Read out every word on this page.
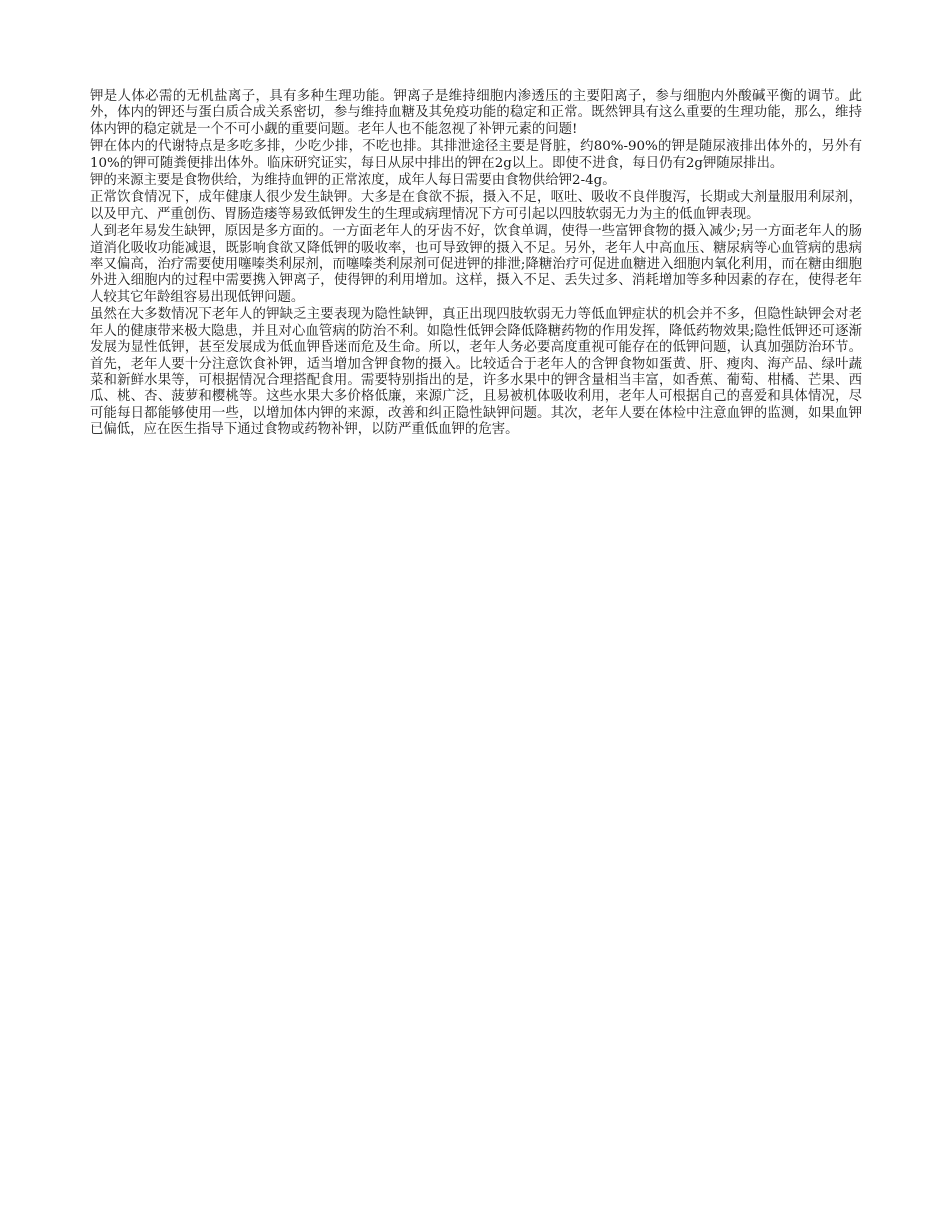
钾是人体必需的无机盐离子，具有多种生理功能。钾离子是维持细胞内渗透压的主要阳离子，参与细胞内外酸碱平衡的调节。此外，体内的钾还与蛋白质合成关系密切，参与维持血糖及其免疫功能的稳定和正常。既然钾具有这么重要的生理功能，那么，维持体内钾的稳定就是一个不可小觑的重要问题。老年人也不能忽视了补钾元素的问题!

钾在体内的代谢特点是多吃多排，少吃少排，不吃也排。其排泄途径主要是肾脏，约80%-90%的钾是随尿液排出体外的，另外有10%的钾可随粪便排出体外。临床研究证实，每日从尿中排出的钾在2g以上。即使不进食，每日仍有2g钾随尿排出。

钾的来源主要是食物供给，为维持血钾的正常浓度，成年人每日需要由食物供给钾2-4g。

正常饮食情况下，成年健康人很少发生缺钾。大多是在食欲不振，摄入不足，呕吐、吸收不良伴腹泻，长期或大剂量服用利尿剂，以及甲亢、严重创伤、胃肠造瘘等易致低钾发生的生理或病理情况下方可引起以四肢软弱无力为主的低血钾表现。

人到老年易发生缺钾，原因是多方面的。一方面老年人的牙齿不好，饮食单调，使得一些富钾食物的摄入减少;另一方面老年人的肠道消化吸收功能减退，既影响食欲又降低钾的吸收率，也可导致钾的摄入不足。另外，老年人中高血压、糖尿病等心血管病的患病率又偏高，治疗需要使用噻嗪类利尿剂，而噻嗪类利尿剂可促进钾的排泄;降糖治疗可促进血糖进入细胞内氧化利用，而在糖由细胞外进入细胞内的过程中需要携入钾离子，使得钾的利用增加。这样，摄入不足、丢失过多、消耗增加等多种因素的存在，使得老年人较其它年龄组容易出现低钾问题。

虽然在大多数情况下老年人的钾缺乏主要表现为隐性缺钾，真正出现四肢软弱无力等低血钾症状的机会并不多，但隐性缺钾会对老年人的健康带来极大隐患，并且对心血管病的防治不利。如隐性低钾会降低降糖药物的作用发挥，降低药物效果;隐性低钾还可逐渐发展为显性低钾，甚至发展成为低血钾昏迷而危及生命。所以，老年人务必要高度重视可能存在的低钾问题，认真加强防治环节。首先，老年人要十分注意饮食补钾，适当增加含钾食物的摄入。比较适合于老年人的含钾食物如蛋黄、肝、瘦肉、海产品、绿叶蔬菜和新鲜水果等，可根据情况合理搭配食用。需要特别指出的是，许多水果中的钾含量相当丰富，如香蕉、葡萄、柑橘、芒果、西瓜、桃、杏、菠萝和樱桃等。这些水果大多价格低廉，来源广泛，且易被机体吸收利用，老年人可根据自己的喜爱和具体情况，尽可能每日都能够使用一些，以增加体内钾的来源，改善和纠正隐性缺钾问题。其次，老年人要在体检中注意血钾的监测，如果血钾已偏低，应在医生指导下通过食物或药物补钾，以防严重低血钾的危害。
